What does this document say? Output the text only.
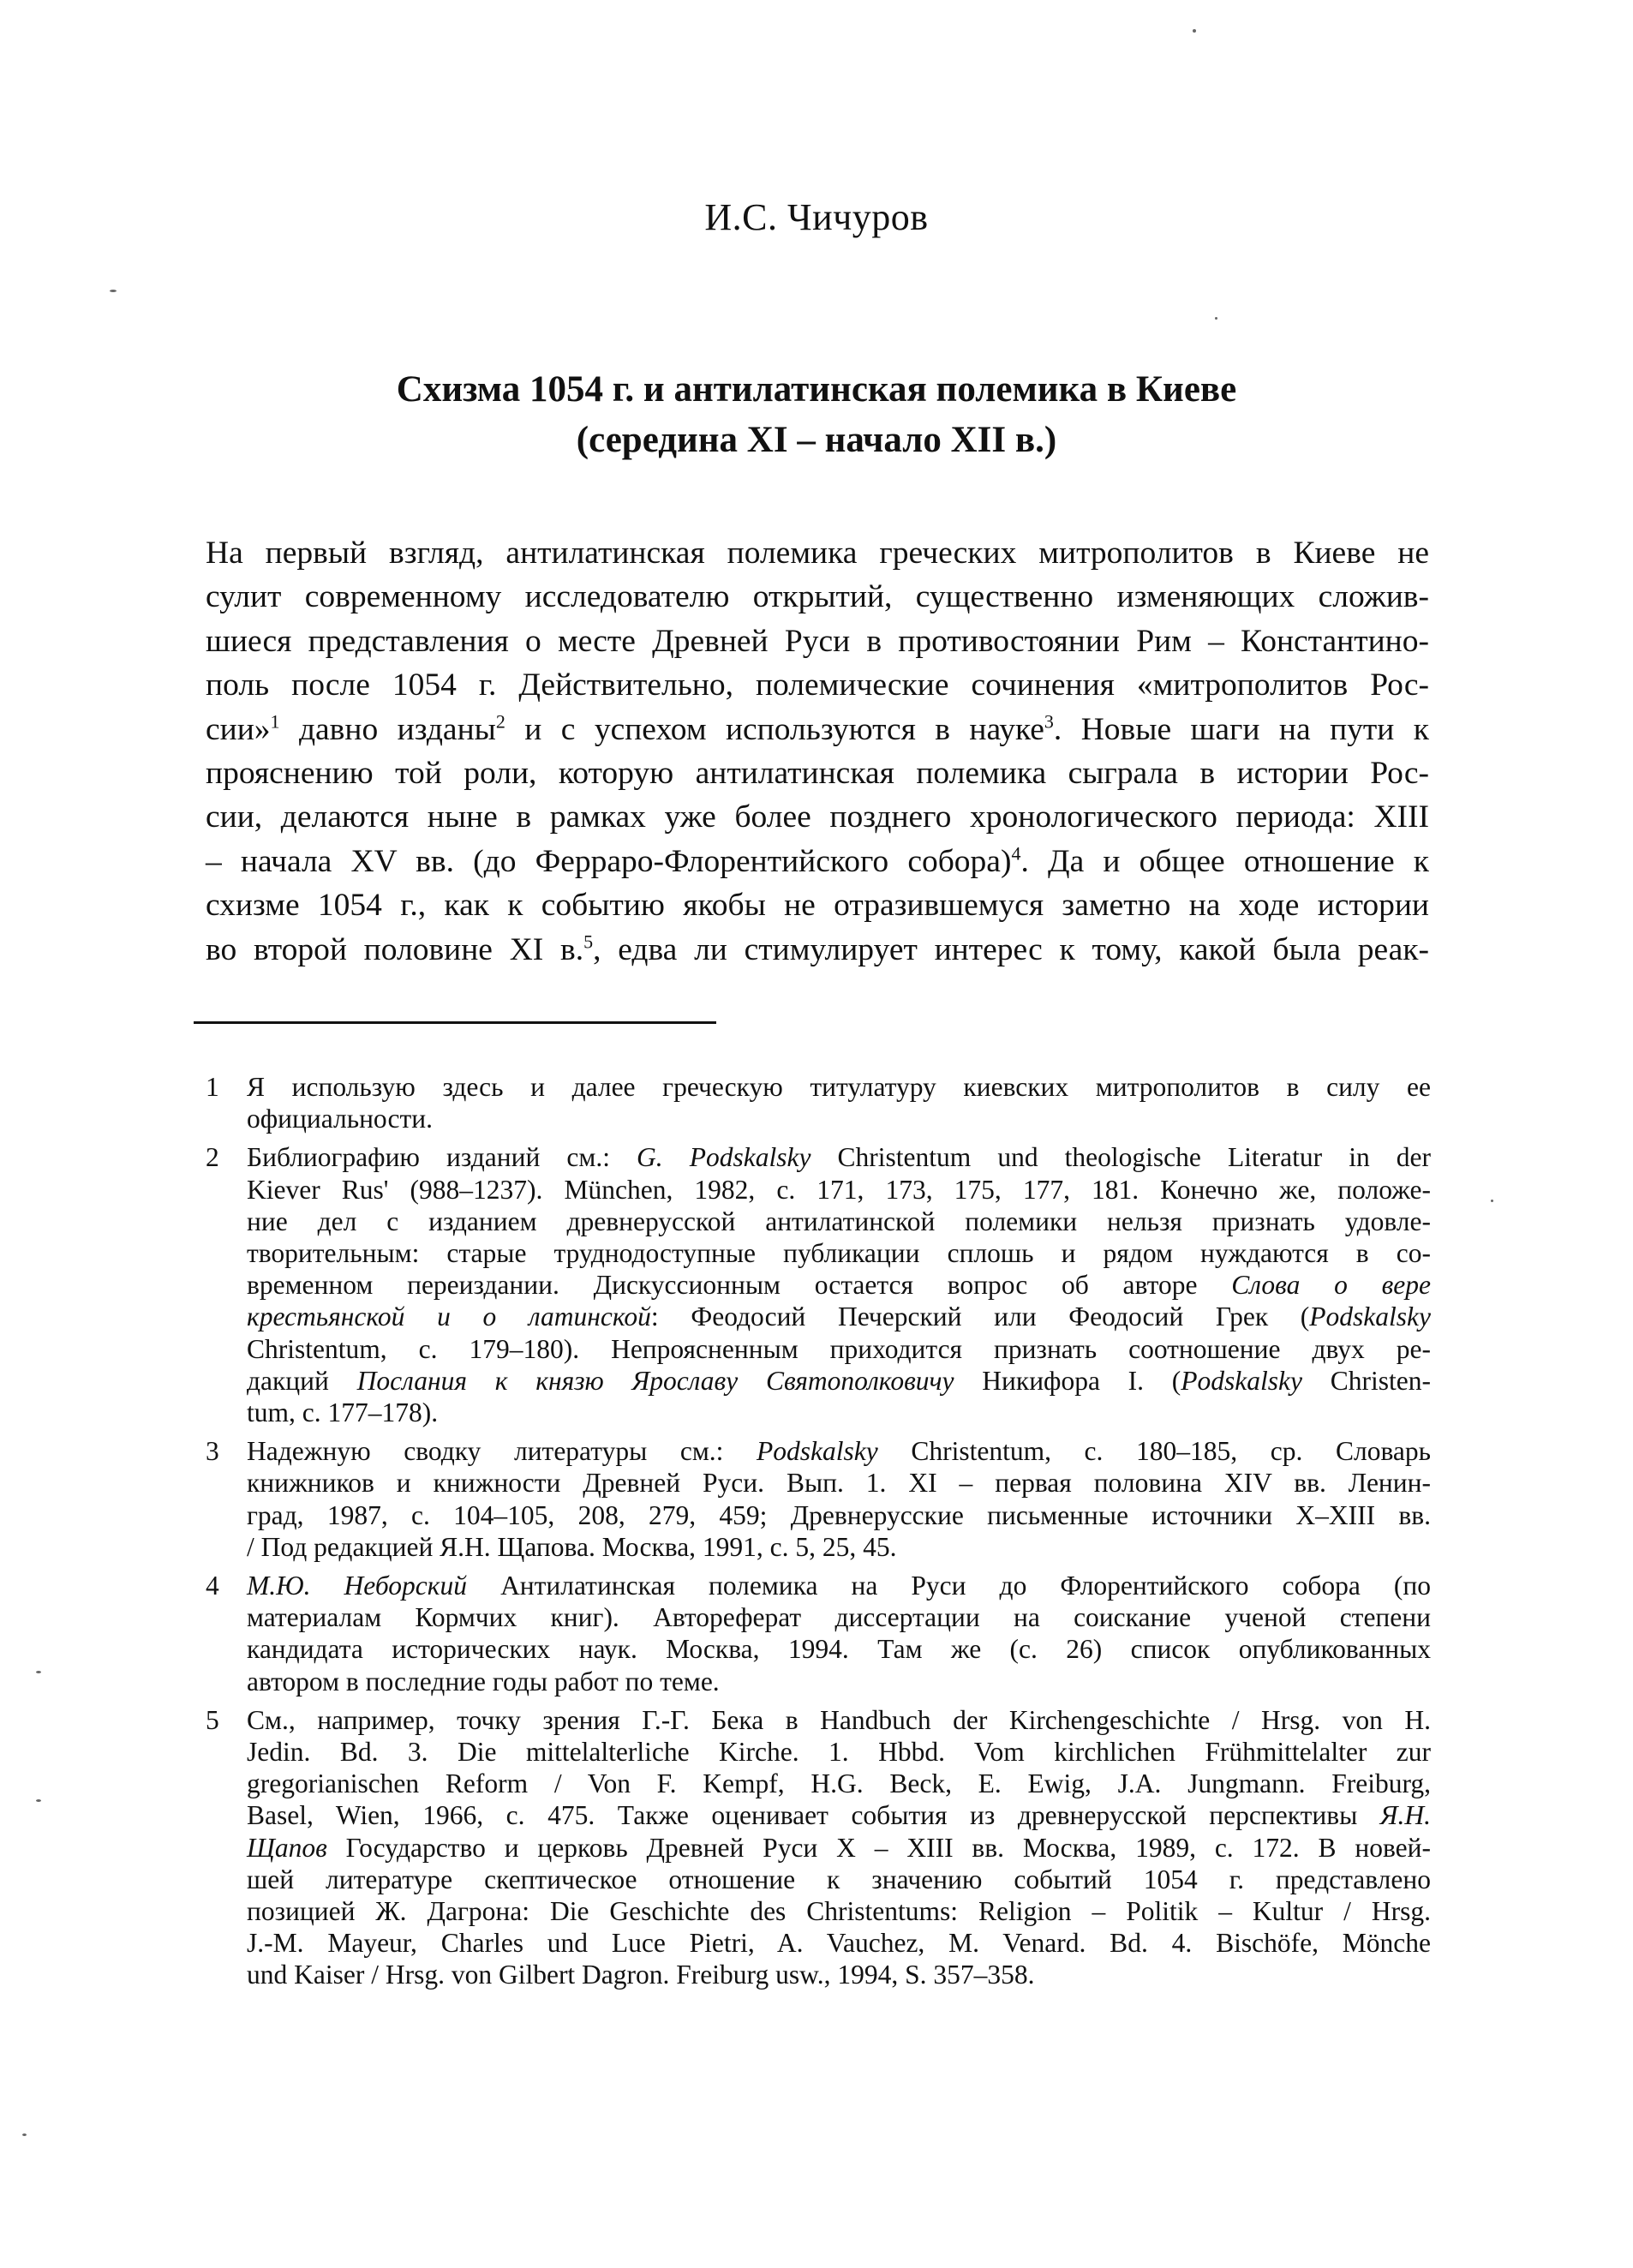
И.С. Чичуров
Схизма 1054 г. и антилатинская полемика в Киеве
(середина XI – начало XII в.)
На первый взгляд, антилатинская полемика греческих митрополитов в Киеве не
сулит современному исследователю открытий, существенно изменяющих сложив-
шиеся представления о месте Древней Руси в противостоянии Рим – Константино-
поль после 1054 г. Действительно, полемические сочинения «митрополитов Рос-
сии»$^1$ давно изданы$^2$ и с успехом используются в науке$^3$. Новые шаги на пути к
прояснению той роли, которую антилатинская полемика сыграла в истории Рос-
сии, делаются ныне в рамках уже более позднего хронологического периода: XIII
– начала XV вв. (до Ферраро-Флорентийского собора)$^4$. Да и общее отношение к
схизме 1054 г., как к событию якобы не отразившемуся заметно на ходе истории
во второй половине XI в.$^5$, едва ли стимулирует интерес к тому, какой была реак-
1 Я использую здесь и далее греческую титулатуру киевских митрополитов в силу ее
официальности.
2 Библиографию изданий см.: G. Podskalsky Christentum und theologische Literatur in der
Kiever Rus' (988–1237). München, 1982, c. 171, 173, 175, 177, 181. Конечно же, положе-
ние дел с изданием древнерусской антилатинской полемики нельзя признать удовле-
творительным: старые труднодоступные публикации сплошь и рядом нуждаются в со-
временном переиздании. Дискуссионным остается вопрос об авторе Слова о вере
крестьянской и о латинской: Феодосий Печерский или Феодосий Грек (Podskalsky
Christentum, c. 179–180). Непроясненным приходится признать соотношение двух ре-
дакций Послания к князю Ярославу Святополковичу Никифора I. (Podskalsky Christen-
tum, c. 177–178).
3 Надежную сводку литературы см.: Podskalsky Christentum, c. 180–185, ср. Словарь
книжников и книжности Древней Руси. Вып. 1. XI – первая половина XIV вв. Ленин-
град, 1987, c. 104–105, 208, 279, 459; Древнерусские письменные источники X–XIII вв.
/ Под редакцией Я.Н. Щапова. Москва, 1991, c. 5, 25, 45.
4 М.Ю. Неборский Антилатинская полемика на Руси до Флорентийского собора (по
материалам Кормчих книг). Автореферат диссертации на соискание ученой степени
кандидата исторических наук. Москва, 1994. Там же (с. 26) список опубликованных
автором в последние годы работ по теме.
5 См., например, точку зрения Г.-Г. Бека в Handbuch der Kirchengeschichte / Hrsg. von H.
Jedin. Bd. 3. Die mittelalterliche Kirche. 1. Hbbd. Vom kirchlichen Frühmittelalter zur
gregorianischen Reform / Von F. Kempf, H.G. Beck, E. Ewig, J.A. Jungmann. Freiburg,
Basel, Wien, 1966, c. 475. Также оценивает события из древнерусской перспективы Я.Н.
Щапов Государство и церковь Древней Руси X – XIII вв. Москва, 1989, c. 172. В новей-
шей литературе скептическое отношение к значению событий 1054 г. представлено
позицией Ж. Дагрона: Die Geschichte des Christentums: Religion – Politik – Kultur / Hrsg.
J.-M. Mayeur, Charles und Luce Pietri, A. Vauchez, M. Venard. Bd. 4. Bischöfe, Mönche
und Kaiser / Hrsg. von Gilbert Dagron. Freiburg usw., 1994, S. 357–358.
